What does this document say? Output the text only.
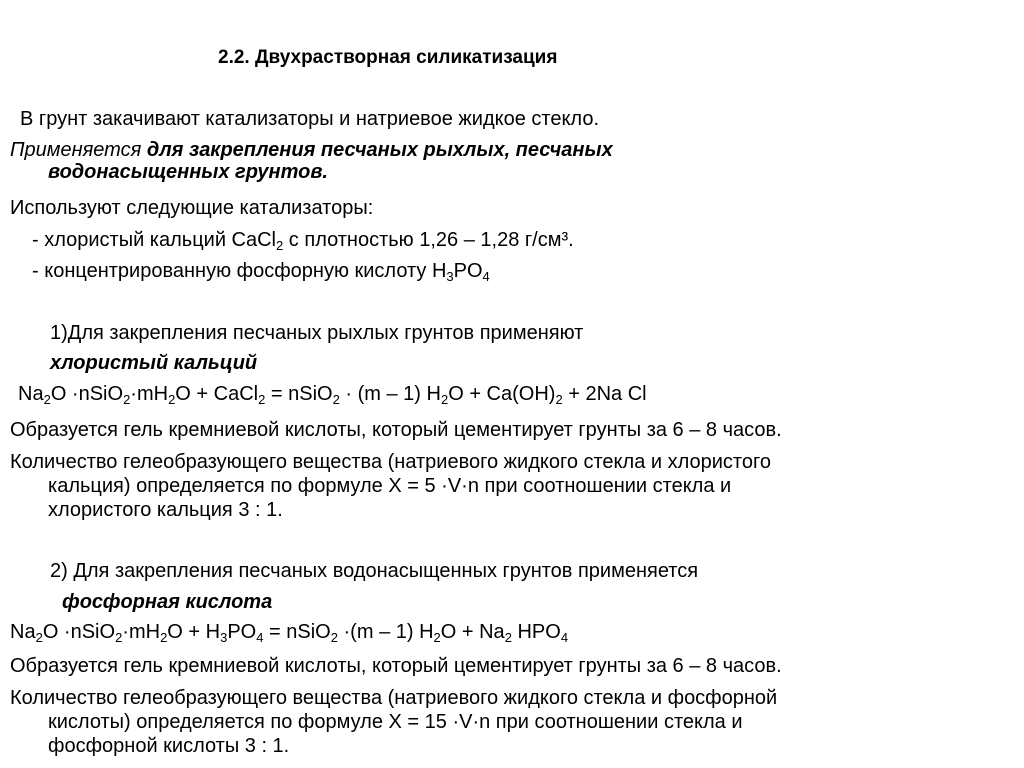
2.2. Двухрастворная силикатизация
В грунт закачивают катализаторы и натриевое жидкое стекло.
Применяется для закрепления песчаных рыхлых, песчаных
водонасыщенных грунтов.
Используют следующие катализаторы:
- хлористый кальций CaCl$_2$ с плотностью 1,26 – 1,28 г/см³.
- концентрированную фосфорную кислоту $H_3PO_4$
1)Для закрепления песчаных рыхлых грунтов применяют
хлористый кальций
$Na_2O$ $\cdot nSiO_2\cdot mH_2O$ + CaCl$_2$ = nSiO$_2$ · (m – 1) $H_2O + Ca(OH)_2 + 2Na$ Cl
Образуется гель кремниевой кислоты, который цементирует грунты за 6 – 8 часов.
Количество гелеобразующего вещества (натриевого жидкого стекла и хлористого
кальция) определяется по формуле X = 5 ·V·n при соотношении стекла и
хлористого кальция 3 : 1.
2) Для закрепления песчаных водонасыщенных грунтов применяется
фосфорная кислота
$Na_2O$ $\cdot nSiO_2\cdot mH_2O + H_3PO_4$ = nSiO$_2$ ·(m – 1) $H_2O + Na_2$ $HPO_4$
Образуется гель кремниевой кислоты, который цементирует грунты за 6 – 8 часов.
Количество гелеобразующего вещества (натриевого жидкого стекла и фосфорной
кислоты) определяется по формуле X = 15 ·V·n при соотношении стекла и
фосфорной кислоты 3 : 1.
